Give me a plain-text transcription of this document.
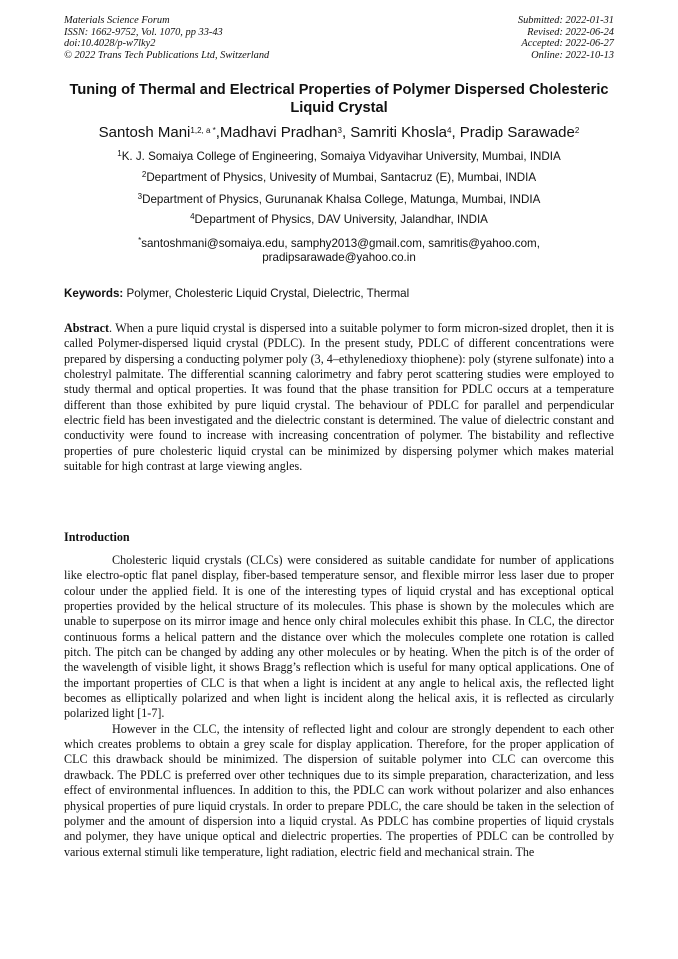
Materials Science Forum
ISSN: 1662-9752, Vol. 1070, pp 33-43
doi:10.4028/p-w7lky2
© 2022 Trans Tech Publications Ltd, Switzerland
Submitted: 2022-01-31
Revised: 2022-06-24
Accepted: 2022-06-27
Online: 2022-10-13
Tuning of Thermal and Electrical Properties of Polymer Dispersed Cholesteric Liquid Crystal
Santosh Mani$^{1,2, a *}$,Madhavi Pradhan$^3$, Samriti Khosla$^4$, Pradip Sarawade$^2$
$^1$K. J. Somaiya College of Engineering, Somaiya Vidyavihar University, Mumbai, INDIA
$^2$Department of Physics, Univesity of Mumbai, Santacruz (E), Mumbai, INDIA
$^3$Department of Physics, Gurunanak Khalsa College, Matunga, Mumbai, INDIA
$^4$Department of Physics, DAV University, Jalandhar, INDIA
*santoshmani@somaiya.edu, samphy2013@gmail.com, samritis@yahoo.com,
pradipsarawade@yahoo.co.in
Keywords: Polymer, Cholesteric Liquid Crystal, Dielectric, Thermal
Abstract. When a pure liquid crystal is dispersed into a suitable polymer to form micron-sized droplet, then it is called Polymer-dispersed liquid crystal (PDLC). In the present study, PDLC of different concentrations were prepared by dispersing a conducting polymer poly (3, 4–ethylenedioxy thiophene): poly (styrene sulfonate) into a cholestryl palmitate. The differential scanning calorimetry and fabry perot scattering studies were employed to study thermal and optical properties. It was found that the phase transition for PDLC occurs at a temperature different than those exhibited by pure liquid crystal. The behaviour of PDLC for parallel and perpendicular electric field has been investigated and the dielectric constant is determined. The value of dielectric constant and conductivity were found to increase with increasing concentration of polymer. The bistability and reflective properties of pure cholesteric liquid crystal can be minimized by dispersing polymer which makes material suitable for high contrast at large viewing angles.
Introduction

Cholesteric liquid crystals (CLCs) were considered as suitable candidate for number of applications like electro-optic flat panel display, fiber-based temperature sensor, and flexible mirror less laser due to proper colour under the applied field. It is one of the interesting types of liquid crystal and has exceptional optical properties provided by the helical structure of its molecules. This phase is shown by the molecules which are unable to superpose on its mirror image and hence only chiral molecules exhibit this phase. In CLC, the director continuous forms a helical pattern and the distance over which the molecules complete one rotation is called pitch. The pitch can be changed by adding any other molecules or by heating. When the pitch is of the order of the wavelength of visible light, it shows Bragg’s reflection which is useful for many optical applications. One of the important properties of CLC is that when a light is incident at any angle to helical axis, the reflected light becomes as elliptically polarized and when light is incident along the helical axis, it is reflected as circularly polarized light [1-7].

However in the CLC, the intensity of reflected light and colour are strongly dependent to each other which creates problems to obtain a grey scale for display application. Therefore, for the proper application of CLC this drawback should be minimized. The dispersion of suitable polymer into CLC can overcome this drawback. The PDLC is preferred over other techniques due to its simple preparation, characterization, and less effect of environmental influences. In addition to this, the PDLC can work without polarizer and also enhances physical properties of pure liquid crystals. In order to prepare PDLC, the care should be taken in the selection of polymer and the amount of dispersion into a liquid crystal. As PDLC has combine properties of liquid crystals and polymer, they have unique optical and dielectric properties. The properties of PDLC can be controlled by various external stimuli like temperature, light radiation, electric field and mechanical strain. The
